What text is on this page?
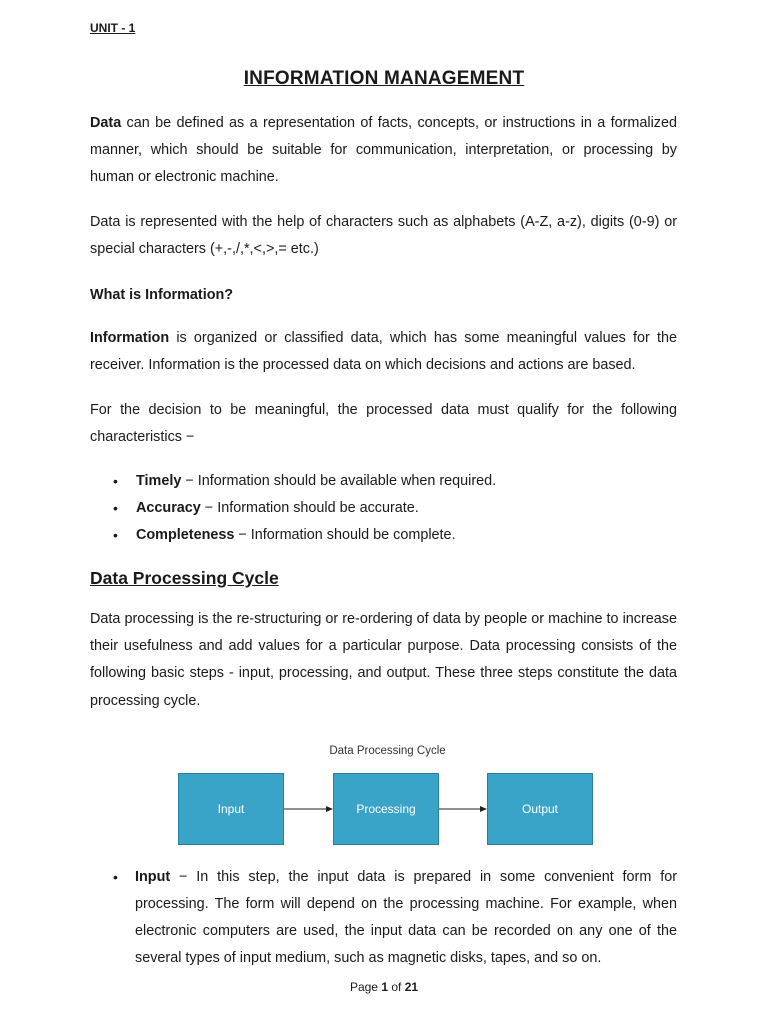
UNIT - 1
INFORMATION MANAGEMENT

Data can be defined as a representation of facts, concepts, or instructions in a formalized manner, which should be suitable for communication, interpretation, or processing by human or electronic machine.

Data is represented with the help of characters such as alphabets (A-Z, a-z), digits (0-9) or special characters (+,-,/,*,<,>,= etc.)

What is Information?

Information is organized or classified data, which has some meaningful values for the receiver. Information is the processed data on which decisions and actions are based.

For the decision to be meaningful, the processed data must qualify for the following characteristics −

• Timely − Information should be available when required.
• Accuracy − Information should be accurate.
• Completeness − Information should be complete.
Data Processing Cycle

Data processing is the re-structuring or re-ordering of data by people or machine to increase their usefulness and add values for a particular purpose. Data processing consists of the following basic steps - input, processing, and output. These three steps constitute the data processing cycle.

Data Processing Cycle
Input	Processing	Output
• Input − In this step, the input data is prepared in some convenient form for processing. The form will depend on the processing machine. For example, when electronic computers are used, the input data can be recorded on any one of the several types of input medium, such as magnetic disks, tapes, and so on.

Page 1 of 21
